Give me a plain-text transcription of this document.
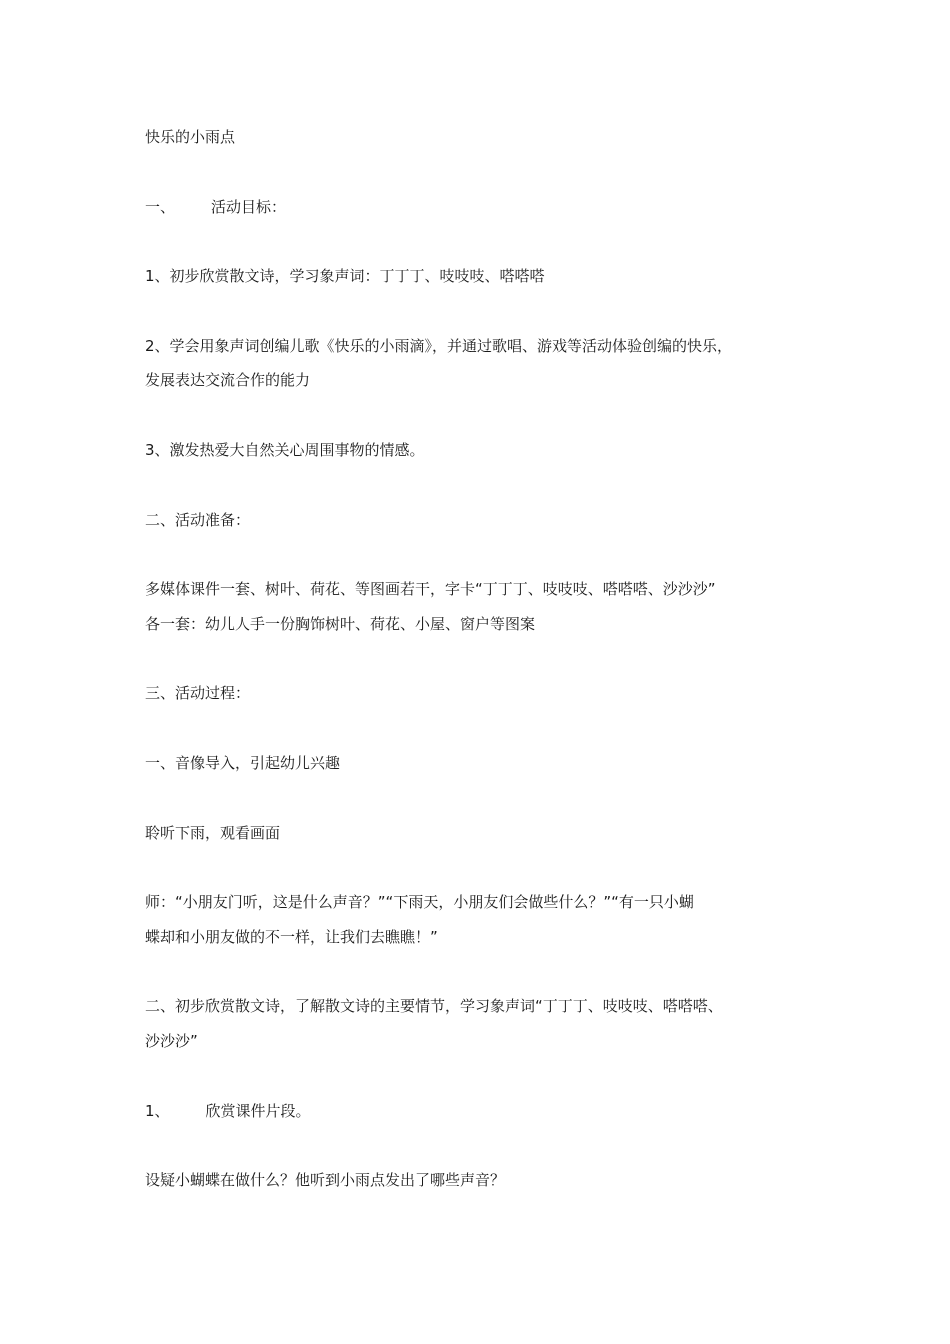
快乐的小雨点
一、 活动目标：
1、初步欣赏散文诗，学习象声词：丁丁丁、吱吱吱、嗒嗒嗒
2、学会用象声词创编儿歌《快乐的小雨滴》，并通过歌唱、游戏等活动体验创编的快乐，
发展表达交流合作的能力
3、激发热爱大自然关心周围事物的情感。
二、活动准备：
多媒体课件一套、树叶、荷花、等图画若干，字卡“丁丁丁、吱吱吱、嗒嗒嗒、沙沙沙”
各一套：幼儿人手一份胸饰树叶、荷花、小屋、窗户等图案
三、活动过程：
一、音像导入，引起幼儿兴趣
聆听下雨，观看画面
师：“小朋友门听，这是什么声音？”“下雨天，小朋友们会做些什么？”“有一只小蝴
蝶却和小朋友做的不一样，让我们去瞧瞧！”
二、初步欣赏散文诗，了解散文诗的主要情节，学习象声词“丁丁丁、吱吱吱、嗒嗒嗒、
沙沙沙”
1、 欣赏课件片段。
设疑小蝴蝶在做什么？他听到小雨点发出了哪些声音？
